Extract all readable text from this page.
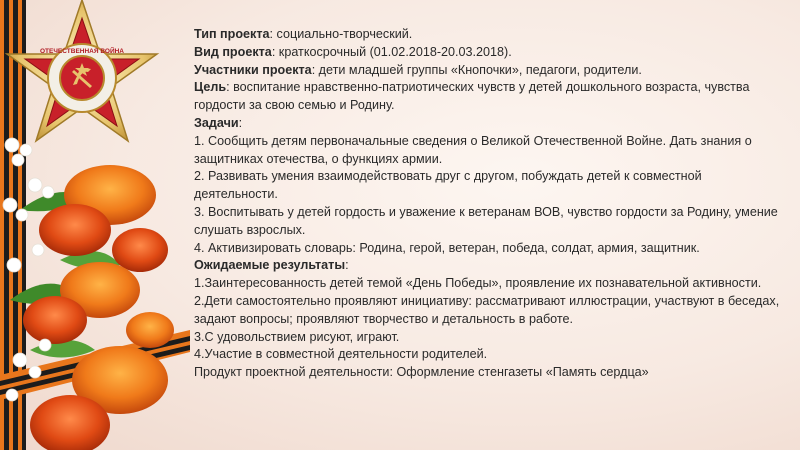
ОТЕЧЕСТВЕННАЯ ВОЙНА

Тип проекта: социально-творческий.

Вид проекта: краткосрочный (01.02.2018-20.03.2018).

Участники проекта: дети младшей группы «Кнопочки», педагоги, родители.

Цель: воспитание нравственно-патриотических чувств у детей дошкольного возраста, чувства гордости за свою семью и Родину.

Задачи:

1. Сообщить детям первоначальные сведения о Великой Отечественной Войне. Дать знания о защитниках отечества, о функциях армии.

2. Развивать умения взаимодействовать друг с другом, побуждать детей к совместной деятельности.

3. Воспитывать у детей гордость и уважение к ветеранам ВОВ, чувство гордости за Родину, умение слушать взрослых.

4. Активизировать словарь: Родина, герой, ветеран, победа, солдат, армия, защитник.

Ожидаемые результаты:

1.Заинтересованность детей темой «День Победы», проявление их познавательной активности.

2.Дети самостоятельно проявляют инициативу: рассматривают иллюстрации, участвуют в беседах, задают вопросы; проявляют творчество и детальность в работе.

3.С удовольствием рисуют, играют.

4.Участие в совместной деятельности родителей.

Продукт проектной деятельности: Оформление стенгазеты «Память сердца»
